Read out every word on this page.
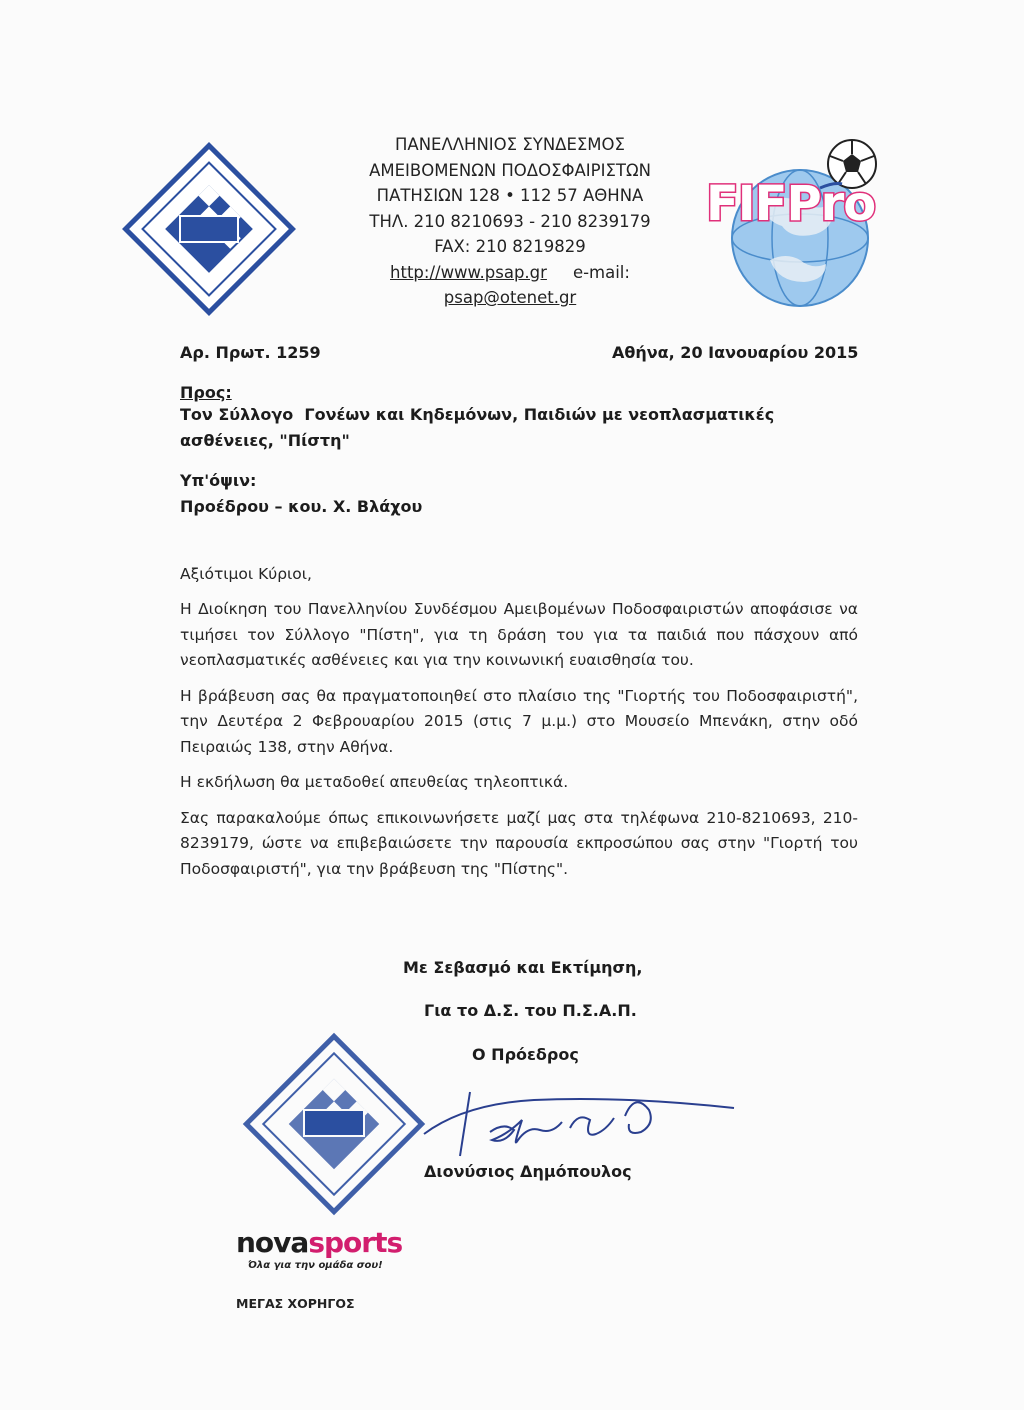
FIFPro
ΠΑΝΕΛΛΗΝΙΟΣ ΣΥΝΔΕΣΜΟΣ
ΑΜΕΙΒΟΜΕΝΩΝ ΠΟΔΟΣΦΑΙΡΙΣΤΩΝ
ΠΑΤΗΣΙΩΝ 128 • 112 57 ΑΘΗΝΑ
ΤΗΛ. 210 8210693 - 210 8239179
FAX: 210 8219829
http://www.psap.gr e-mail:
psap@otenet.gr
Αρ. Πρωτ. 1259	Αθήνα, 20 Ιανουαρίου 2015
Προς:
Τον Σύλλογο  Γονέων και Κηδεμόνων, Παιδιών με νεοπλασματικές
ασθένειες, "Πίστη"
Υπ'όψιν:
Προέδρου – κου. Χ. Βλάχου
Αξιότιμοι Κύριοι,

Η Διοίκηση του Πανελληνίου Συνδέσμου Αμειβομένων Ποδοσφαιριστών αποφάσισε να τιμήσει τον Σύλλογο "Πίστη", για τη δράση του για τα παιδιά που πάσχουν από νεοπλασματικές ασθένειες και για την κοινωνική ευαισθησία του.

Η βράβευση σας θα πραγματοποιηθεί στο πλαίσιο της "Γιορτής του Ποδοσφαιριστή", την Δευτέρα 2 Φεβρουαρίου 2015 (στις 7 μ.μ.) στο Μουσείο Μπενάκη, στην οδό Πειραιώς 138, στην Αθήνα.

Η εκδήλωση θα μεταδοθεί απευθείας τηλεοπτικά.

Σας παρακαλούμε όπως επικοινωνήσετε μαζί μας στα τηλέφωνα 210-8210693, 210-8239179, ώστε να επιβεβαιώσετε την παρουσία εκπροσώπου σας στην "Γιορτή του Ποδοσφαιριστή", για την βράβευση της "Πίστης".

Με Σεβασμό και Εκτίμηση,
Για το Δ.Σ. του Π.Σ.Α.Π.
Ο Πρόεδρος
Διονύσιος Δημόπουλος
novasports
Όλα για την ομάδα σου!
ΜΕΓΑΣ ΧΟΡΗΓΟΣ
